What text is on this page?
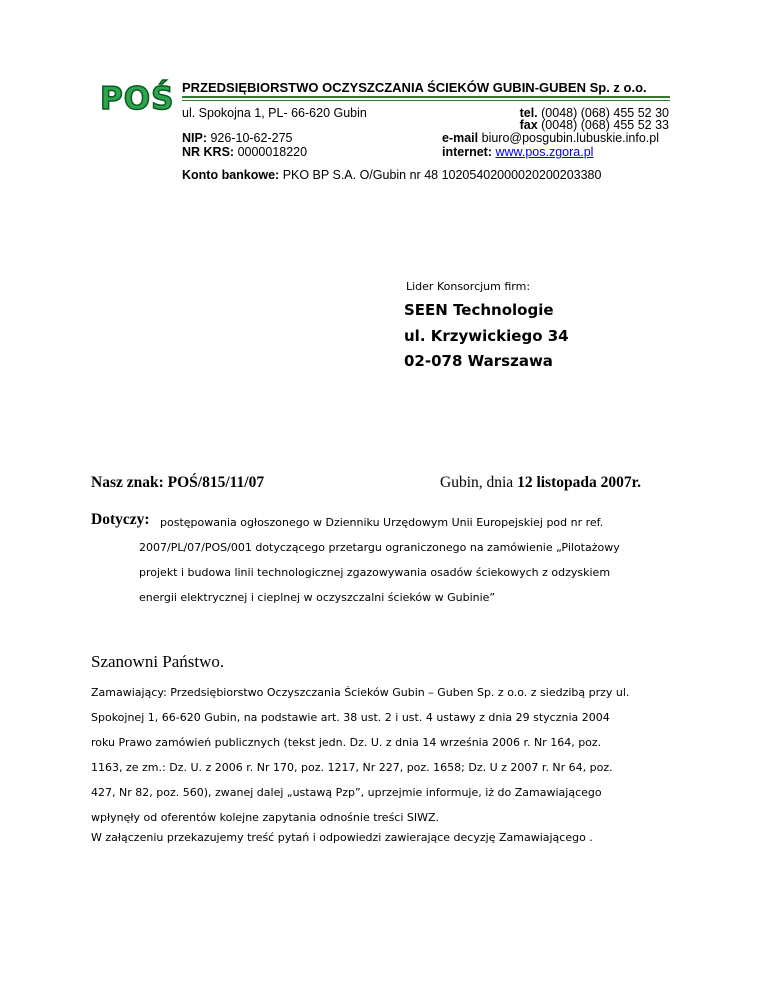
POŚ PRZEDSIĘBIORSTWO OCZYSZCZANIA ŚCIEKÓW GUBIN-GUBEN Sp. z o.o.
ul. Spokojna 1, PL- 66-620 Gubin
NIP: 926-10-62-275
NR KRS: 0000018220
tel. (0048) (068) 455 52 30
fax (0048) (068) 455 52 33
e-mail biuro@posgubin.lubuskie.info.pl
internet: www.pos.zgora.pl
Konto bankowe: PKO BP S.A. O/Gubin nr 48 10205402000020200203380
Lider Konsorcjum firm:
SEEN Technologie
ul. Krzywickiego 34
02-078 Warszawa
Nasz znak: POŚ/815/11/07	Gubin, dnia 12 listopada 2007r.
Dotyczy: postępowania ogłoszonego w Dzienniku Urzędowym Unii Europejskiej pod nr ref.
2007/PL/07/POS/001 dotyczącego przetargu ograniczonego na zamówienie „Pilotażowy
projekt i budowa linii technologicznej zgazowywania osadów ściekowych z odzyskiem
energii elektrycznej i cieplnej w oczyszczalni ścieków w Gubinie”
Szanowni Państwo.
Zamawiający: Przedsiębiorstwo Oczyszczania Ścieków Gubin – Guben Sp. z o.o. z siedzibą przy ul.
Spokojnej 1, 66-620 Gubin, na podstawie art. 38 ust. 2 i ust. 4 ustawy z dnia 29 stycznia 2004
roku Prawo zamówień publicznych (tekst jedn. Dz. U. z dnia 14 września 2006 r. Nr 164, poz.
1163, ze zm.: Dz. U. z 2006 r. Nr 170, poz. 1217, Nr 227, poz. 1658; Dz. U z 2007 r. Nr 64, poz.
427, Nr 82, poz. 560), zwanej dalej „ustawą Pzp”, uprzejmie informuje, iż do Zamawiającego
wpłynęły od oferentów kolejne zapytania odnośnie treści SIWZ.
W załączeniu przekazujemy treść pytań i odpowiedzi zawierające decyzję Zamawiającego .
